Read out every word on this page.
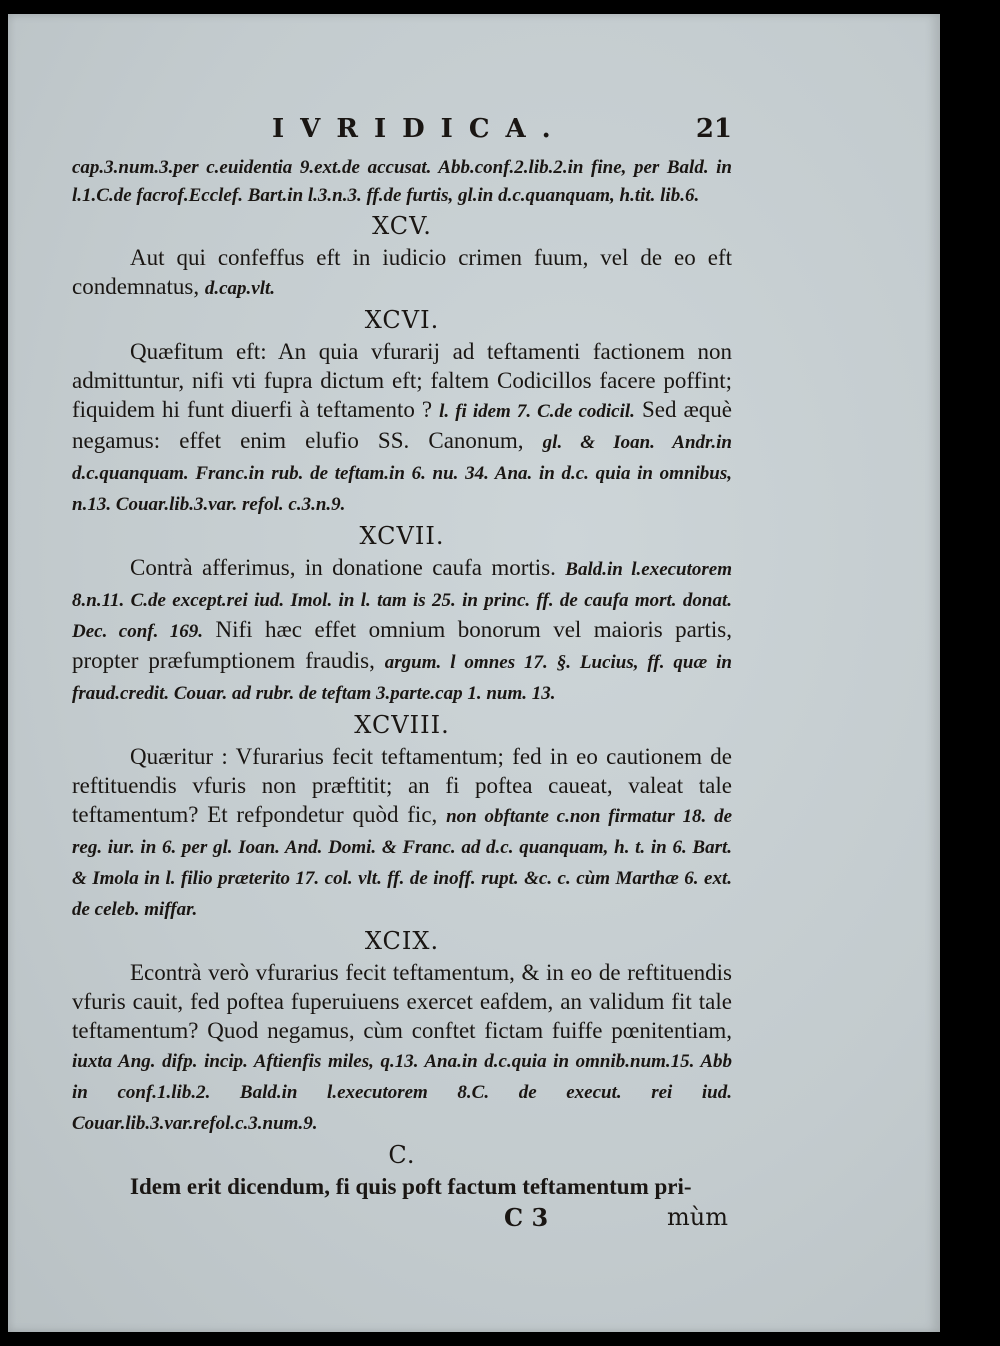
IVRIDICA.	21

cap.3.num.3.per c.euidentia 9.ext.de accusat. Abb.conf.2.lib.2.in fine, per Bald. in l.1.C.de facrof.Ecclef. Bart.in l.3.n.3. ff.de furtis, gl.in d.c.quanquam, h.tit. lib.6.

XCV.

Aut qui confeffus eft in iudicio crimen fuum, vel de eo eft condemnatus, d.cap.vlt.

XCVI.

Quæfitum eft: An quia vfurarij ad teftamenti factionem non admittuntur, nifi vti fupra dictum eft; faltem Codicillos facere poffint; fiquidem hi funt diuerfi à teftamento ? l. fi idem 7. C.de codicil. Sed æquè negamus: effet enim elufio SS. Canonum, gl. & Ioan. Andr.in d.c.quanquam. Franc.in rub. de teftam.in 6. nu. 34. Ana. in d.c. quia in omnibus, n.13. Couar.lib.3.var. refol. c.3.n.9.

XCVII.

Contrà afferimus, in donatione caufa mortis. Bald.in l.executorem 8.n.11. C.de except.rei iud. Imol. in l. tam is 25. in princ. ff. de caufa mort. donat. Dec. conf. 169. Nifi hæc effet omnium bonorum vel maioris partis, propter præfumptionem fraudis, argum. l omnes 17. §. Lucius, ff. quæ in fraud.credit. Couar. ad rubr. de teftam 3.parte.cap 1. num. 13.

XCVIII.

Quæritur : Vfurarius fecit teftamentum; fed in eo cautionem de reftituendis vfuris non præftitit; an fi poftea caueat, valeat tale teftamentum? Et refpondetur quòd fic, non obftante c.non firmatur 18. de reg. iur. in 6. per gl. Ioan. And. Domi. & Franc. ad d.c. quanquam, h. t. in 6. Bart. & Imola in l. filio præterito 17. col. vlt. ff. de inoff. rupt. &c. c. cùm Marthæ 6. ext. de celeb. miffar.

XCIX.

Econtrà verò vfurarius fecit teftamentum, & in eo de reftituendis vfuris cauit, fed poftea fuperuiuens exercet eafdem, an validum fit tale teftamentum? Quod negamus, cùm conftet fictam fuiffe pœnitentiam, iuxta Ang. difp. incip. Aftienfis miles, q.13. Ana.in d.c.quia in omnib.num.15. Abb in conf.1.lib.2. Bald.in l.executorem 8.C. de execut. rei iud. Couar.lib.3.var.refol.c.3.num.9.

C.

Idem erit dicendum, fi quis poft factum teftamentum pri-

C 3	mùm
